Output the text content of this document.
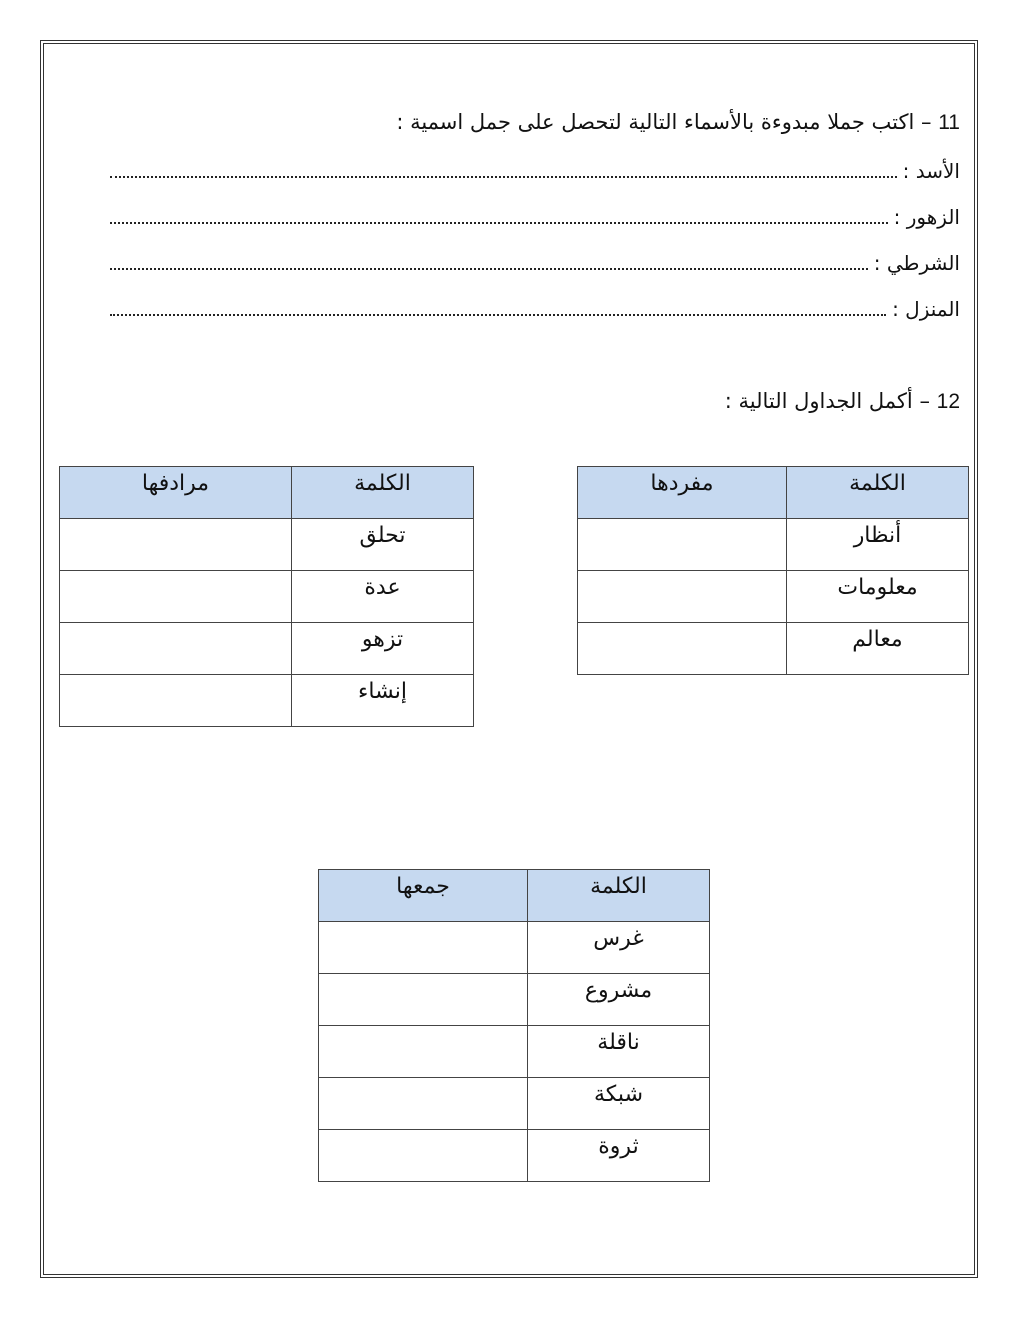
11 – اكتب جملا مبدوءة بالأسماء التالية لتحصل على جمل اسمية :
الأسد :
الزهور :
الشرطي :
المنزل :
12 – أكمل الجداول التالية :
الكلمة	مفردها
أنظار	
معلومات	
معالم	
الكلمة	مرادفها
تحلق	
عدة	
تزهو	
إنشاء	
الكلمة	جمعها
غرس	
مشروع	
ناقلة	
شبكة	
ثروة	
